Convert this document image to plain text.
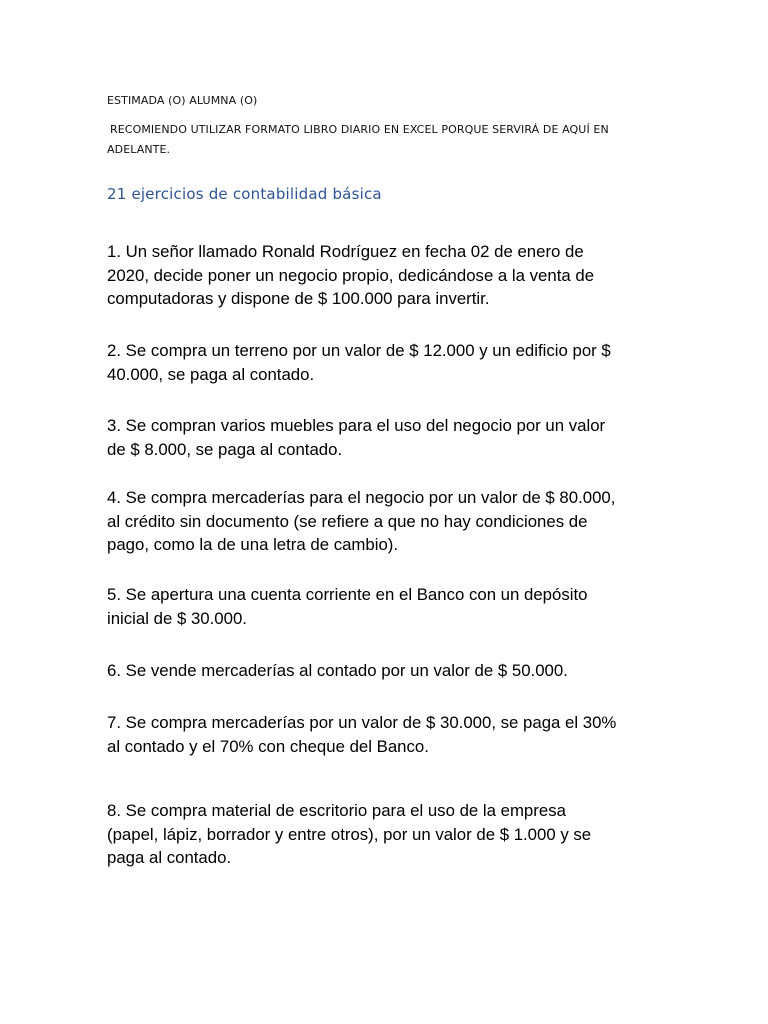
ESTIMADA (O) ALUMNA (O)
RECOMIENDO UTILIZAR FORMATO LIBRO DIARIO EN EXCEL PORQUE SERVIRÁ DE AQUÍ EN
ADELANTE.
21 ejercicios de contabilidad básica
1. Un señor llamado Ronald Rodríguez en fecha 02 de enero de
2020, decide poner un negocio propio, dedicándose a la venta de
computadoras y dispone de $ 100.000 para invertir.
2. Se compra un terreno por un valor de $ 12.000 y un edificio por $
40.000, se paga al contado.
3. Se compran varios muebles para el uso del negocio por un valor
de $ 8.000, se paga al contado.
4. Se compra mercaderías para el negocio por un valor de $ 80.000,
al crédito sin documento (se refiere a que no hay condiciones de
pago, como la de una letra de cambio).
5. Se apertura una cuenta corriente en el Banco con un depósito
inicial de $ 30.000.
6. Se vende mercaderías al contado por un valor de $ 50.000.
7. Se compra mercaderías por un valor de $ 30.000, se paga el 30%
al contado y el 70% con cheque del Banco.
8. Se compra material de escritorio para el uso de la empresa
(papel, lápiz, borrador y entre otros), por un valor de $ 1.000 y se
paga al contado.
